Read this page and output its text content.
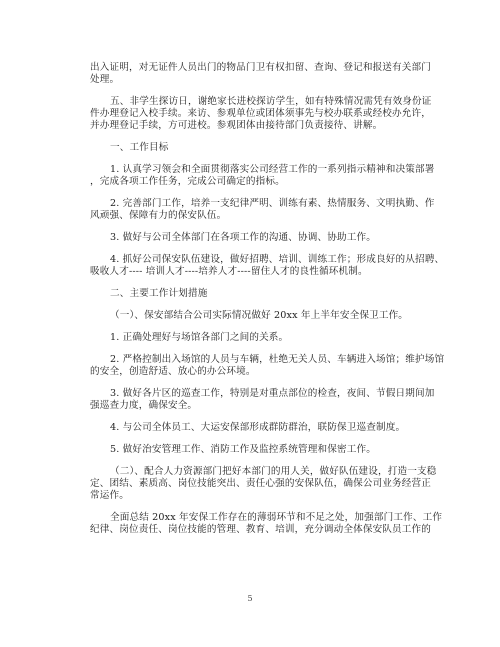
出入证明，对无证件人员出门的物品门卫有权扣留、查询、登记和报送有关部门
处理。
五、非学生探访日，谢绝家长进校探访学生，如有特殊情况需凭有效身份证
件办理登记入校手续。来访、参观单位或团体须事先与校办联系或经校办允许，
并办理登记手续，方可进校。参观团体由接待部门负责接待、讲解。
一、工作目标
1. 认真学习领会和全面贯彻落实公司经营工作的一系列指示精神和决策部署
，完成各项工作任务，完成公司确定的指标。
2. 完善部门工作，培养一支纪律严明、训练有素、热情服务、文明执勤、作
风顽强、保障有力的保安队伍。
3. 做好与公司全体部门在各项工作的沟通、协调、协助工作。
4. 抓好公司保安队伍建设，做好招聘、培训、训练工作；形成良好的从招聘、
吸收人才---- 培训人才----培养人才----留住人才的良性循环机制。
二、主要工作计划措施
（一）、保安部结合公司实际情况做好 20xx 年上半年安全保卫工作。
1. 正确处理好与场馆各部门之间的关系。
2. 严格控制出入场馆的人员与车辆，杜绝无关人员、车辆进入场馆；维护场馆
的安全，创造舒适、放心的办公环境。
3. 做好各片区的巡查工作，特别是对重点部位的检查，夜间、节假日期间加
强巡查力度，确保安全。
4. 与公司全体员工、大运安保部形成群防群治，联防保卫巡查制度。
5. 做好治安管理工作、消防工作及监控系统管理和保密工作。
（二）、配合人力资源部门把好本部门的用人关，做好队伍建设，打造一支稳
定、团结、素质高、岗位技能突出、责任心强的安保队伍，确保公司业务经营正
常运作。
全面总结 20xx 年安保工作存在的薄弱环节和不足之处，加强部门工作、工作
纪律、岗位责任、岗位技能的管理、教育、培训，充分调动全体保安队员工作的
5
